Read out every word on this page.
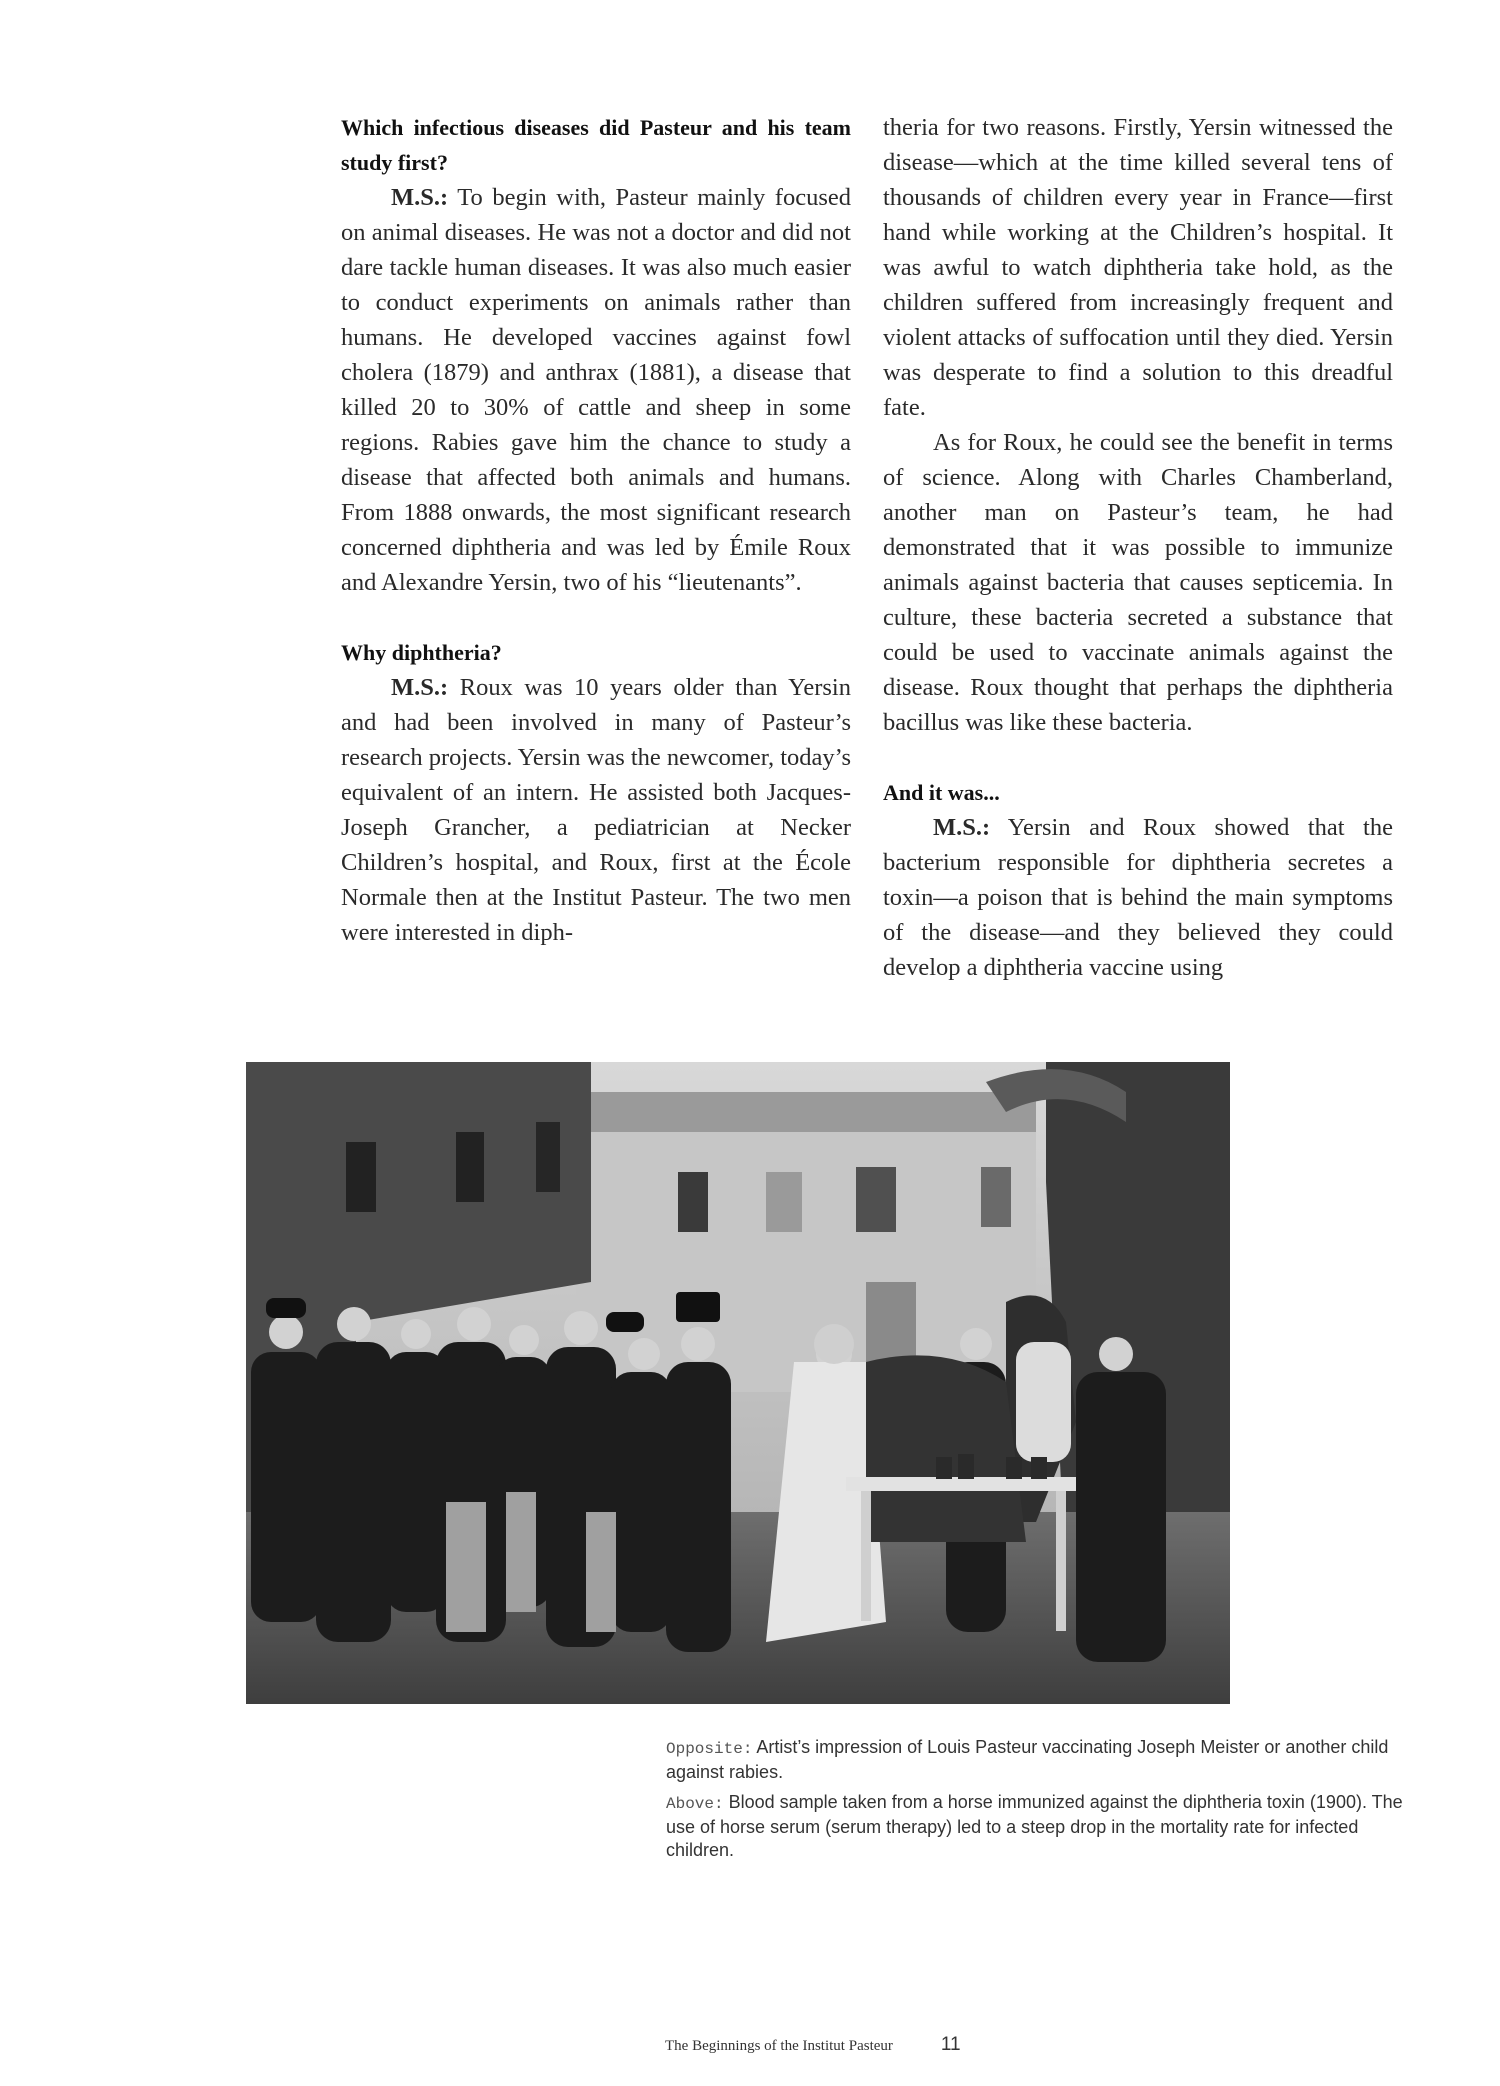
Which infectious diseases did Pasteur and his team study first?

M.S.: To begin with, Pasteur mainly focused on animal diseases. He was not a doctor and did not dare tackle human diseases. It was also much easier to conduct experiments on animals rather than humans. He developed vaccines against fowl cholera (1879) and anthrax (1881), a disease that killed 20 to 30% of cattle and sheep in some regions. Rabies gave him the chance to study a disease that affected both animals and humans. From 1888 onwards, the most significant research concerned diphtheria and was led by Émile Roux and Alexandre Yersin, two of his “lieutenants”.

Why diphtheria?

M.S.: Roux was 10 years older than Yersin and had been involved in many of Pasteur’s research projects. Yersin was the newcomer, today’s equivalent of an intern. He assisted both Jacques-Joseph Grancher, a pediatrician at Necker Children’s hospital, and Roux, first at the École Normale then at the Institut Pasteur. The two men were interested in diph-

theria for two reasons. Firstly, Yersin witnessed the disease—which at the time killed several tens of thousands of children every year in France—first hand while working at the Children’s hospital. It was awful to watch diphtheria take hold, as the children suffered from increasingly frequent and violent attacks of suffocation until they died. Yersin was desperate to find a solution to this dreadful fate.

As for Roux, he could see the benefit in terms of science. Along with Charles Chamberland, another man on Pasteur’s team, he had demonstrated that it was possible to immunize animals against bacteria that causes septicemia. In culture, these bacteria secreted a substance that could be used to vaccinate animals against the disease. Roux thought that perhaps the diphtheria bacillus was like these bacteria.

And it was...

M.S.: Yersin and Roux showed that the bacterium responsible for diphtheria secretes a toxin—a poison that is behind the main symptoms of the disease—and they believed they could develop a diphtheria vaccine using

Opposite: Artist’s impression of Louis Pasteur vaccinating Joseph Meister or another child against rabies.

Above: Blood sample taken from a horse immunized against the diphtheria toxin (1900). The use of horse serum (serum therapy) led to a steep drop in the mortality rate for infected children.

The Beginnings of the Institut Pasteur	11
